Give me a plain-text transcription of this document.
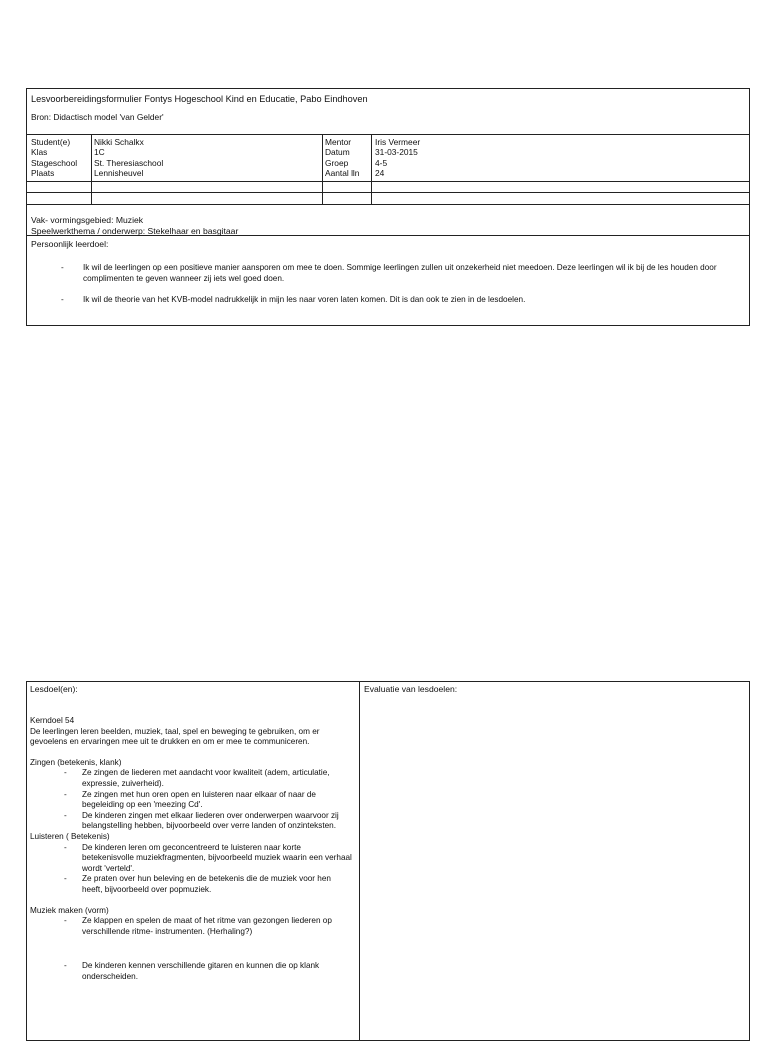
Lesvoorbereidingsformulier Fontys Hogeschool Kind en Educatie, Pabo Eindhoven
Bron: Didactisch model 'van Gelder'
Student(e)
Klas
Stageschool
Plaats
Nikki Schalkx
1C
St. Theresiaschool
Lennisheuvel
Mentor
Datum
Groep
Aantal lln
Iris Vermeer
31-03-2015
4-5
24
Vak- vormingsgebied: Muziek
Speelwerkthema / onderwerp: Stekelhaar en basgitaar
Persoonlijk leerdoel:
- Ik wil de leerlingen op een positieve manier aansporen om mee te doen. Sommige leerlingen zullen uit onzekerheid niet meedoen. Deze leerlingen wil ik bij de les houden door complimenten te geven wanneer zij iets wel goed doen.
- Ik wil de theorie van het KVB-model nadrukkelijk in mijn les naar voren laten komen. Dit is dan ook te zien in de lesdoelen.
Lesdoel(en):	Evaluatie van lesdoelen:

Kerndoel 54

De leerlingen leren beelden, muziek, taal, spel en beweging te gebruiken, om er gevoelens en ervaringen mee uit te drukken en om er mee te communiceren.

Zingen (betekenis, klank)

- Ze zingen de liederen met aandacht voor kwaliteit (adem, articulatie, expressie, zuiverheid).
- Ze zingen met hun oren open en luisteren naar elkaar of naar de begeleiding op een 'meezing Cd'.
- De kinderen zingen met elkaar liederen over onderwerpen waarvoor zij belangstelling hebben, bijvoorbeeld over verre landen of onzinteksten.

Luisteren ( Betekenis)

- De kinderen leren om geconcentreerd te luisteren naar korte betekenisvolle muziekfragmenten, bijvoorbeeld muziek waarin een verhaal wordt 'verteld'.
- Ze praten over hun beleving en de betekenis die de muziek voor hen heeft, bijvoorbeeld over popmuziek.

Muziek maken (vorm)

- Ze klappen en spelen de maat of het ritme van gezongen liederen op verschillende ritme- instrumenten. (Herhaling?)
- De kinderen kennen verschillende gitaren en kunnen die op klank onderscheiden.
